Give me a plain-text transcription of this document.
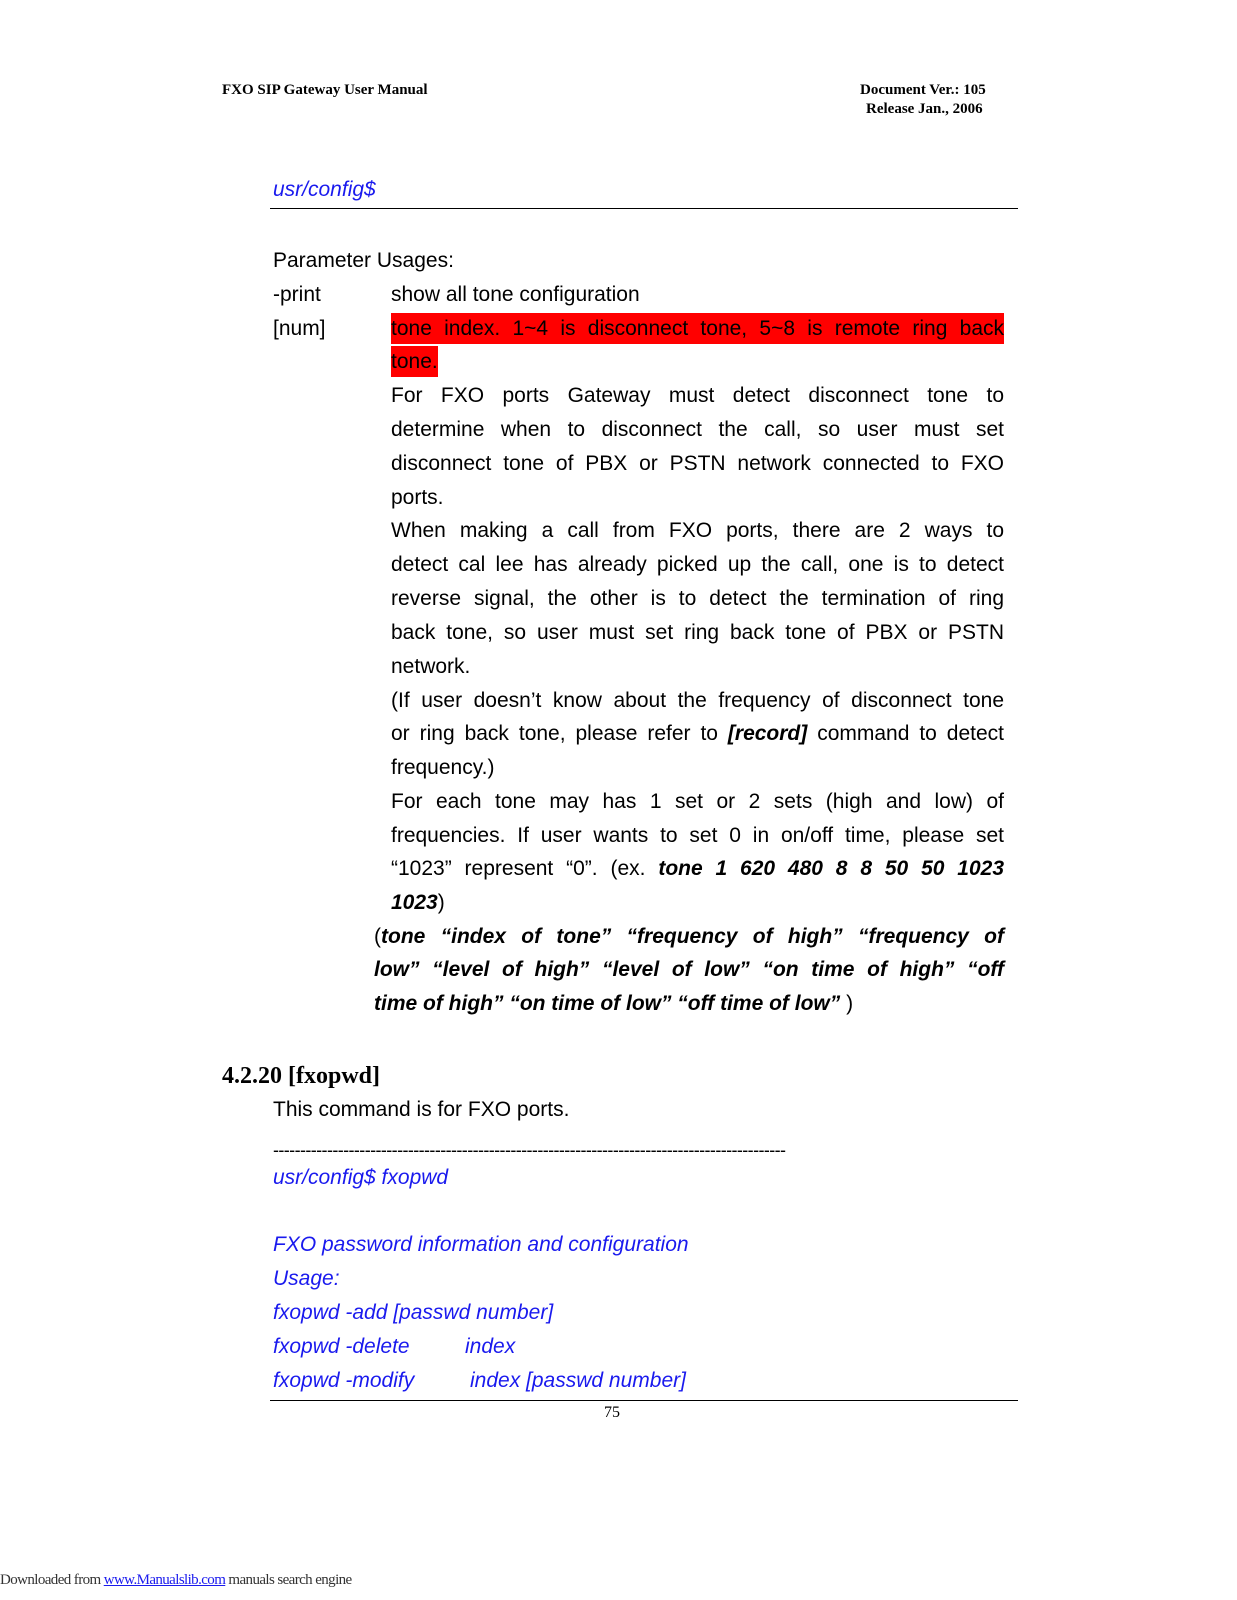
FXO SIP Gateway User Manual	Document Ver.: 105
Release Jan., 2006
usr/config$
Parameter Usages:
-print	show all tone configuration
[num]	tone index. 1~4 is disconnect tone, 5~8 is remote ring back
tone.
For FXO ports Gateway must detect disconnect tone to
determine when to disconnect the call, so user must set
disconnect tone of PBX or PSTN network connected to FXO
ports.
When making a call from FXO ports, there are 2 ways to
detect cal lee has already picked up the call, one is to detect
reverse signal, the other is to detect the termination of ring
back tone, so user must set ring back tone of PBX or PSTN
network.
(If user doesn’t know about the frequency of disconnect tone
or ring back tone, please refer to [record] command to detect
frequency.)
For each tone may has 1 set or 2 sets (high and low) of
frequencies. If user wants to set 0 in on/off time, please set
“1023” represent “0”. (ex. tone 1 620 480 8 8 50 50 1023
1023)
(tone “index of tone” “frequency of high” “frequency of
low” “level of high” “level of low” “on time of high” “off
time of high” “on time of low” “off time of low” )
4.2.20 [fxopwd]
This command is for FXO ports.
-----------------------------------------------------------------------------------------------
usr/config$ fxopwd
FXO password information and configuration
Usage:
fxopwd -add [passwd number]
fxopwd -delete	index
fxopwd -modify	index [passwd number]
75
Downloaded from www.Manualslib.com manuals search engine
